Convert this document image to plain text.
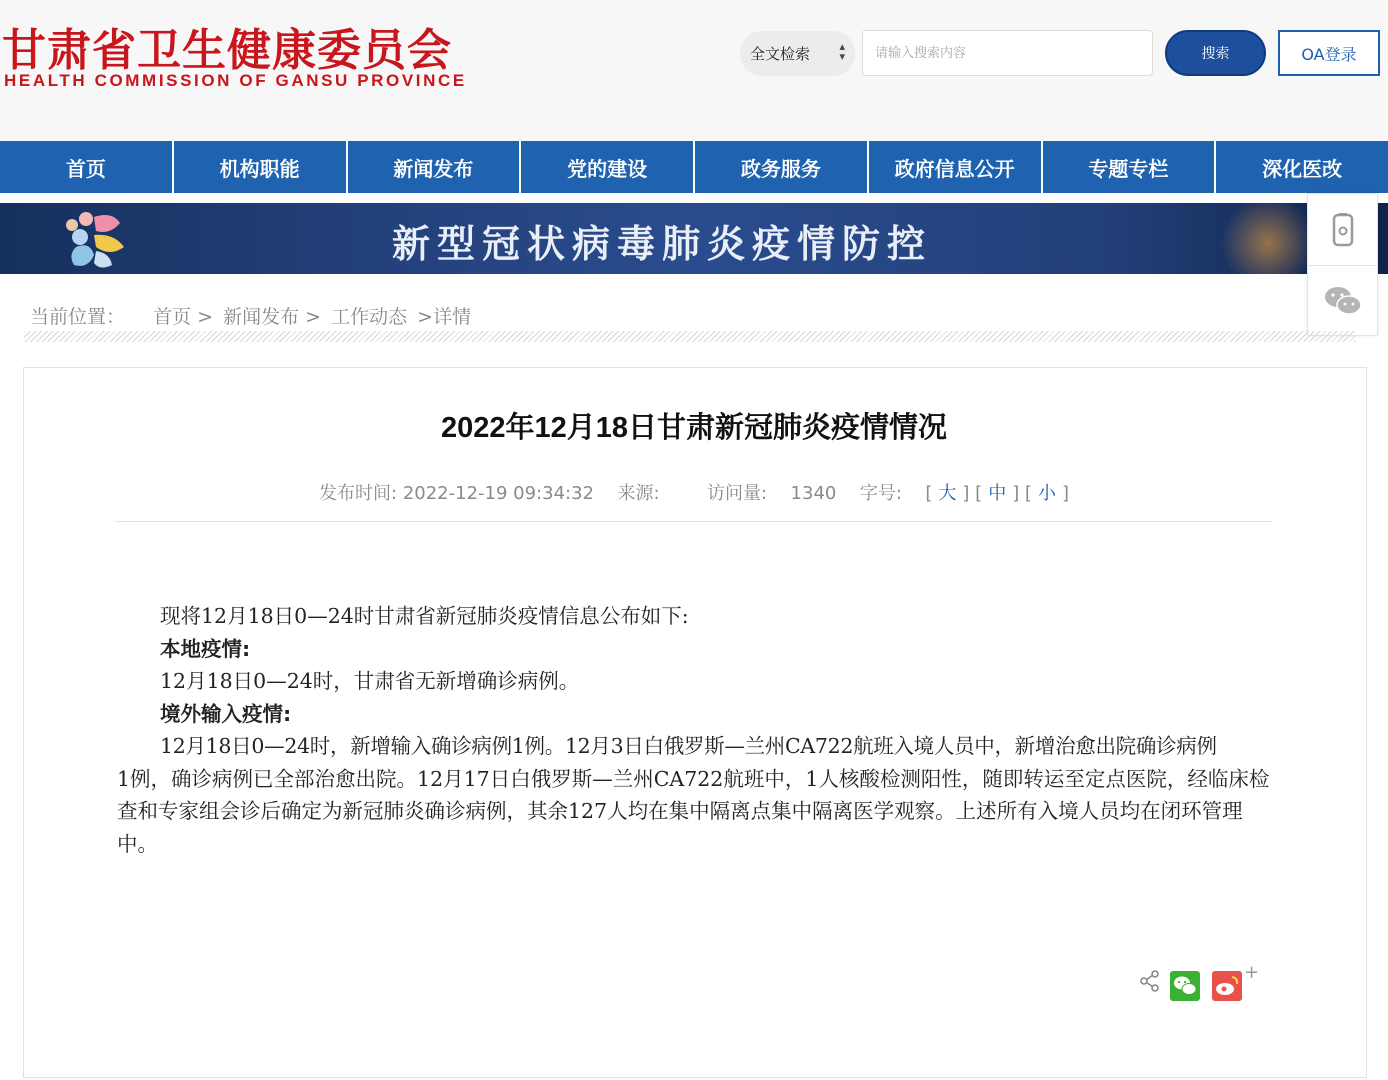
甘肃省卫生健康委员会
HEALTH COMMISSION OF GANSU PROVINCE
全文检索	▴
▾
请输入搜索内容	搜索	OA登录
首页	机构职能	新闻发布	党的建设	政务服务	政府信息公开	专题专栏	深化医改
新型冠状病毒肺炎疫情防控
当前位置： 首页 > 新闻发布 > 工作动态 >详情
2022年12月18日甘肃新冠肺炎疫情情况
发布时间: 2022-12-19 09:34:32 来源:	访问量: 1340 字号: [ 大 ] [ 中 ] [ 小 ]

现将12月18日0—24时甘肃省新冠肺炎疫情信息公布如下:

本地疫情:

12月18日0—24时，甘肃省无新增确诊病例。

境外输入疫情:

12月18日0—24时，新增输入确诊病例1例。12月3日白俄罗斯—兰州CA722航班入境人员中，新增治愈出院确诊病例

1例，确诊病例已全部治愈出院。12月17日白俄罗斯—兰州CA722航班中，1人核酸检测阳性，随即转运至定点医院，经临床检查和专家组会诊后确定为新冠肺炎确诊病例，其余127人均在集中隔离点集中隔离医学观察。上述所有入境人员均在闭环管理中。

+
